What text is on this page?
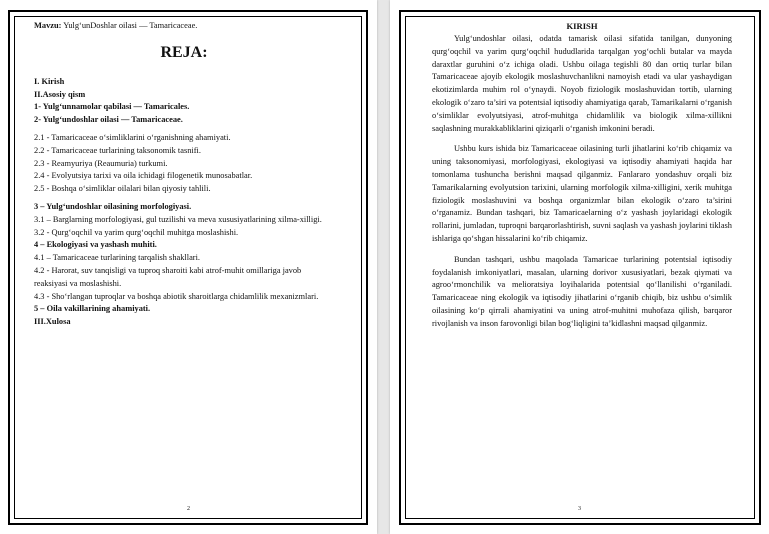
Mavzu: Yulg‘unDoshlar oilasi — Tamaricaceae.
REJA:
I. Kirish
II.Asosiy qism
1- Yulg‘unnamolar qabilasi — Tamaricales.
2- Yulg‘undoshlar oilasi — Tamaricaceae.
2.1 - Tamaricaceae o‘simliklarini o‘rganishning ahamiyati.
2.2 - Tamaricaceae turlarining taksonomik tasnifi.
2.3 - Reamyuriya (Reaumuria) turkumi.
2.4 - Evolyutsiya tarixi va oila ichidagi filogenetik munosabatlar.
2.5 - Boshqa o‘simliklar oilalari bilan qiyosiy tahlili.
3 – Yulg‘undoshlar oilasining morfologiyasi.
3.1 – Barglarning morfologiyasi, gul tuzilishi va meva xususiyatlarining xilma-xilligi.
3.2 - Qurg‘oqchil va yarim qurg‘oqchil muhitga moslashishi.
4 – Ekologiyasi va yashash muhiti.
4.1 – Tamaricaceae turlarining tarqalish shakllari.
4.2 - Harorat, suv tanqisligi va tuproq sharoiti kabi atrof-muhit omillariga javob reaksiyasi va moslashishi.
4.3 - Sho‘rlangan tuproqlar va boshqa abiotik sharoitlarga chidamlilik mexanizmlari.
5 – Oila vakillarining ahamiyati.
III.Xulosa
2
KIRISH

Yulg‘undoshlar oilasi, odatda tamarisk oilasi sifatida tanilgan, dunyoning qurg‘oqchil va yarim qurg‘oqchil hududlarida tarqalgan yog‘ochli butalar va mayda daraxtlar guruhini o‘z ichiga oladi. Ushbu oilaga tegishli 80 dan ortiq turlar bilan Tamaricaceae ajoyib ekologik moslashuvchanlikni namoyish etadi va ular yashaydigan ekotizimlarda muhim rol o‘ynaydi. Noyob fiziologik moslashuvidan tortib, ularning ekologik o‘zaro ta’siri va potentsial iqtisodiy ahamiyatiga qarab, Tamarikalarni o‘rganish o‘simliklar evolyutsiyasi, atrof-muhitga chidamlilik va biologik xilma-xillikni saqlashning murakkabliklarini qiziqarli o‘rganish imkonini beradi.

Ushbu kurs ishida biz Tamaricaceae oilasining turli jihatlarini ko‘rib chiqamiz va uning taksonomiyasi, morfologiyasi, ekologiyasi va iqtisodiy ahamiyati haqida har tomonlama tushuncha berishni maqsad qilganmiz. Fanlararo yondashuv orqali biz Tamarikalarning evolyutsion tarixini, ularning morfologik xilma-xilligini, xerik muhitga fiziologik moslashuvini va boshqa organizmlar bilan ekologik o‘zaro ta’sirini o‘rganamiz. Bundan tashqari, biz Tamaricaelarning o‘z yashash joylaridagi ekologik rollarini, jumladan, tuproqni barqarorlashtirish, suvni saqlash va yashash joylarini tiklash ishlariga qo‘shgan hissalarini ko‘rib chiqamiz.

Bundan tashqari, ushbu maqolada Tamaricae turlarining potentsial iqtisodiy foydalanish imkoniyatlari, masalan, ularning dorivor xususiyatlari, bezak qiymati va agroo‘rmonchilik va melioratsiya loyihalarida potentsial qo‘llanilishi o‘rganiladi. Tamaricaceae ning ekologik va iqtisodiy jihatlarini o‘rganib chiqib, biz ushbu o‘simlik oilasining ko‘p qirrali ahamiyatini va uning atrof-muhitni muhofaza qilish, barqaror rivojlanish va inson farovonligi bilan bog‘liqligini ta’kidlashni maqsad qilganmiz.

3
